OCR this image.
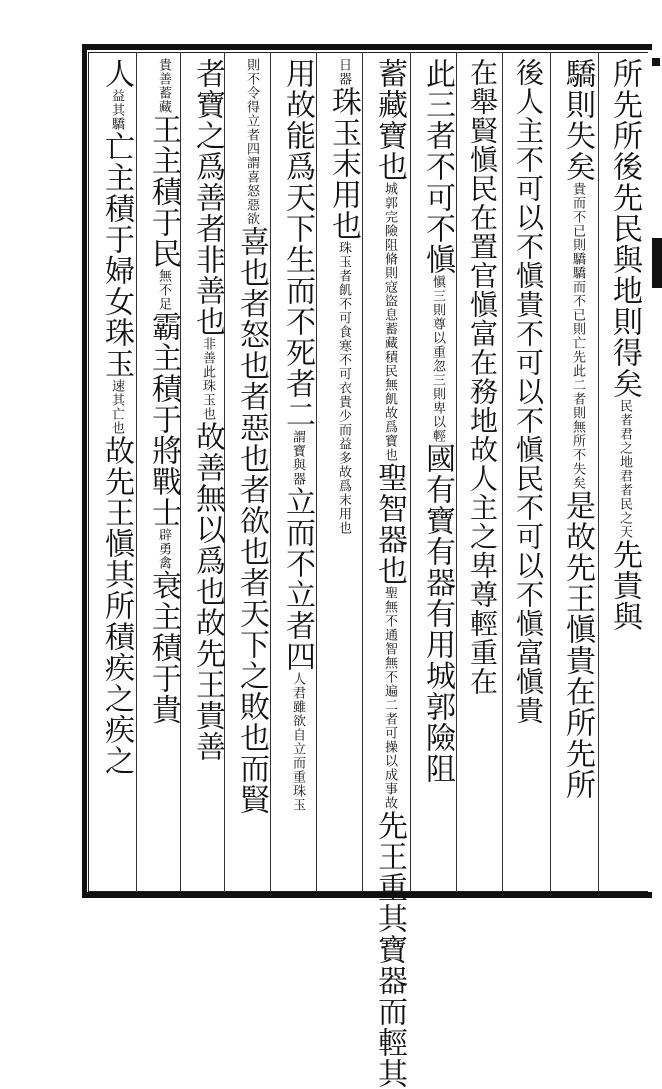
所先所後先民與地則得矣民者君之地君者民之天先貴與
驕則失矣貴而不已則驕驕而不已則亡先此二者則無所不失矣是故先王愼貴在所先所
後人主不可以不愼貴不可以不愼民不可以不愼富愼貴
在舉賢愼民在置官愼富在務地故人主之卑尊輕重在
此三者不可不愼愼三則尊以重忽三則卑以輕國有寶有器有用城郭險阻
蓄藏寶也城郭完險阻脩則寇盜息蓄藏積民無飢故爲寶也聖智器也聖無不通智無不遍二者可操以成事故先王重其寶器而輕其
日器珠玉末用也珠玉者飢不可食寒不可衣貴少而益多故爲末用也
用故能爲天下生而不死者二謂寶與器立而不立者四人君雖欲自立而重珠玉
則不令得立者四謂喜怒惡欲喜也者怒也者惡也者欲也者天下之敗也而賢
者寶之爲善者非善也非善此珠玉也故善無以爲也故先王貴善
貴善蓄藏王主積于民無不足霸主積于將戰士辟勇禽衰主積于貴
人益其驕亡主積于婦女珠玉速其亡也故先王愼其所積疾之疾之
